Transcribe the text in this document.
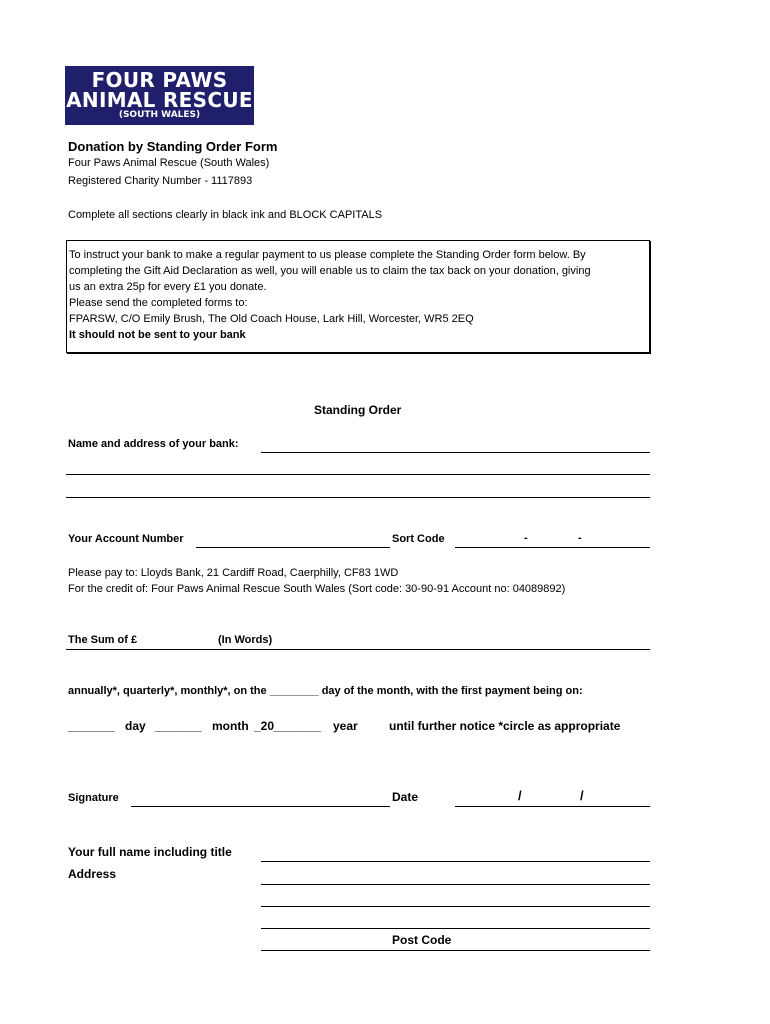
FOUR PAWS
ANIMAL RESCUE
(SOUTH WALES)
Donation by Standing Order Form
Four Paws Animal Rescue (South Wales)
Registered Charity Number - 1117893
Complete all sections clearly in black ink and BLOCK CAPITALS
To instruct your bank to make a regular payment to us please complete the Standing Order form below. By
completing the Gift Aid Declaration as well, you will enable us to claim the tax back on your donation, giving
us an extra 25p for every £1 you donate.
Please send the completed forms to:
FPARSW, C/O Emily Brush, The Old Coach House, Lark Hill, Worcester, WR5 2EQ
It should not be sent to your bank
Standing Order
Name and address of your bank:
Your Account Number	Sort Code	-	-
Please pay to: Lloyds Bank, 21 Cardiff Road, Caerphilly, CF83 1WD
For the credit of: Four Paws Animal Rescue South Wales (Sort code: 30-90-91 Account no: 04089892)
The Sum of £	(In Words)
annually*, quarterly*, monthly*, on the ________ day of the month, with the first payment being on:
_______ day _______ month _20_______ year	until further notice *circle as appropriate
Signature	Date	/	/
Your full name including title
Address
Post Code
